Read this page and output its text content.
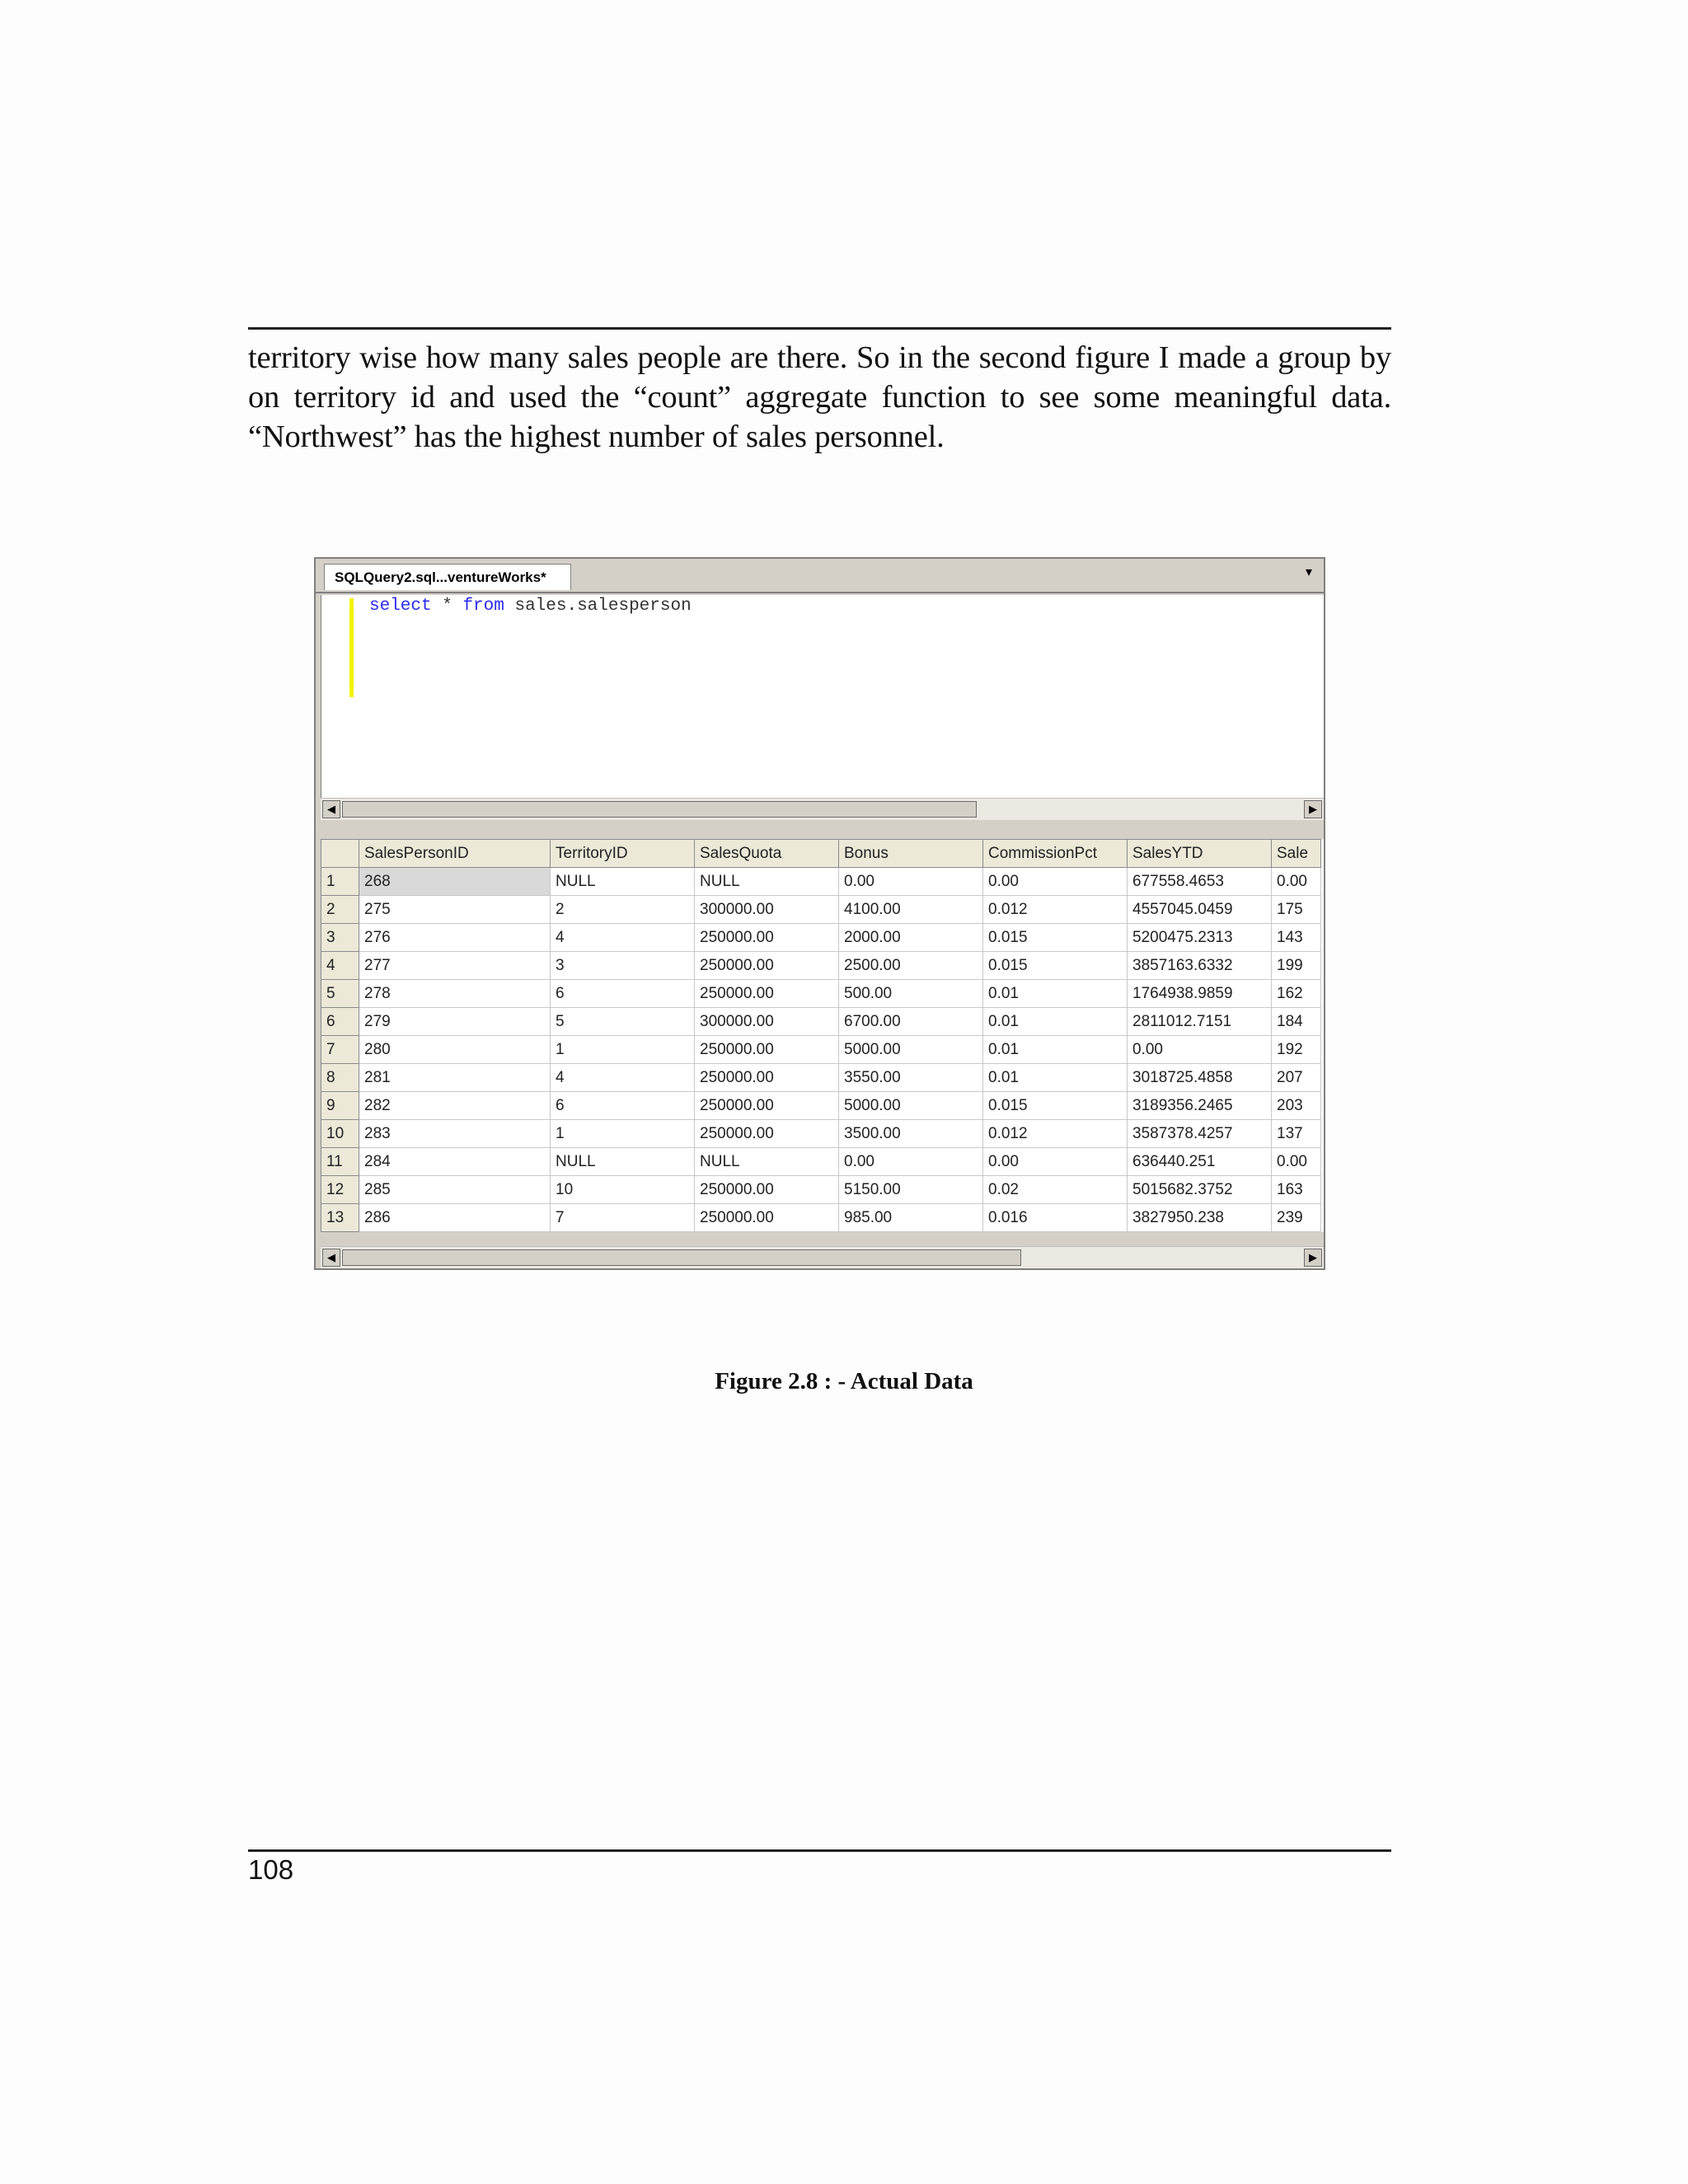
territory wise how many sales people are there. So in the second figure I made a group by on territory id and used the “count” aggregate function to see some meaningful data. “Northwest” has the highest number of sales personnel.

SQLQuery2.sql...ventureWorks*	▾
select * from sales.salesperson
◀	▶
	SalesPersonID	TerritoryID	SalesQuota	Bonus	CommissionPct	SalesYTD	Sale
1	268	NULL	NULL	0.00	0.00	677558.4653	0.00
2	275	2	300000.00	4100.00	0.012	4557045.0459	175
3	276	4	250000.00	2000.00	0.015	5200475.2313	143
4	277	3	250000.00	2500.00	0.015	3857163.6332	199
5	278	6	250000.00	500.00	0.01	1764938.9859	162
6	279	5	300000.00	6700.00	0.01	2811012.7151	184
7	280	1	250000.00	5000.00	0.01	0.00	192
8	281	4	250000.00	3550.00	0.01	3018725.4858	207
9	282	6	250000.00	5000.00	0.015	3189356.2465	203
10	283	1	250000.00	3500.00	0.012	3587378.4257	137
11	284	NULL	NULL	0.00	0.00	636440.251	0.00
12	285	10	250000.00	5150.00	0.02	5015682.3752	163
13	286	7	250000.00	985.00	0.016	3827950.238	239
◀	▶
Figure 2.8 : - Actual Data
108
